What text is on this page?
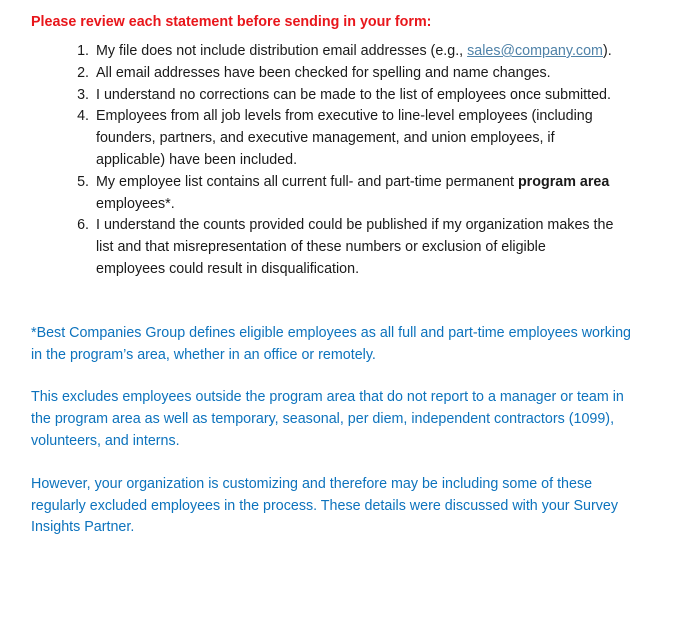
Please review each statement before sending in your form:

1. My file does not include distribution email addresses (e.g., sales@company.com).
2. All email addresses have been checked for spelling and name changes.
3. I understand no corrections can be made to the list of employees once submitted.
4. Employees from all job levels from executive to line-level employees (including founders, partners, and executive management, and union employees, if applicable) have been included.
5. My employee list contains all current full- and part-time permanent program area employees*.
6. I understand the counts provided could be published if my organization makes the list and that misrepresentation of these numbers or exclusion of eligible employees could result in disqualification.

*Best Companies Group defines eligible employees as all full and part-time employees working in the program’s area, whether in an office or remotely.

This excludes employees outside the program area that do not report to a manager or team in the program area as well as temporary, seasonal, per diem, independent contractors (1099), volunteers, and interns.

However, your organization is customizing and therefore may be including some of these regularly excluded employees in the process. These details were discussed with your Survey Insights Partner.
